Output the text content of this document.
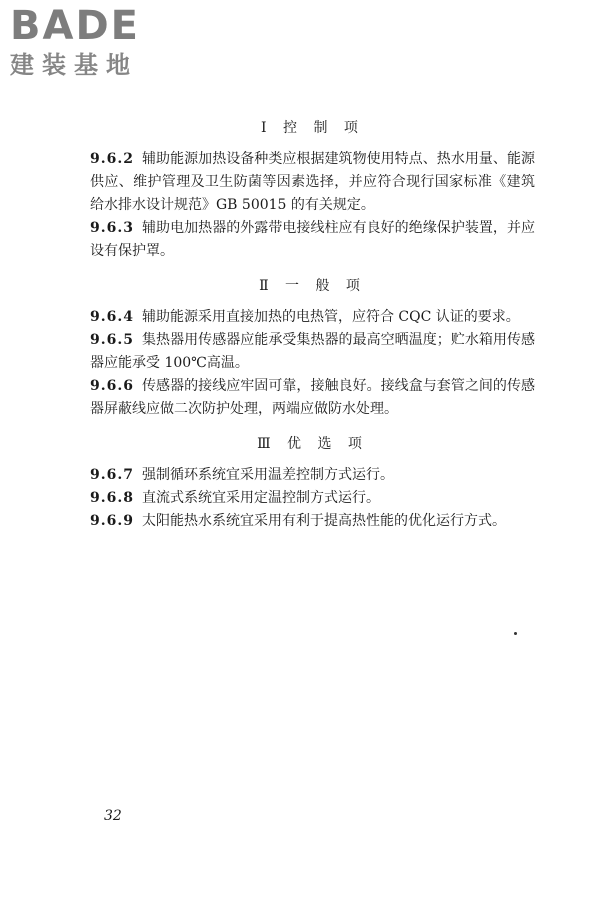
BADE
建装基地

Ⅰ 控 制 项

9.6.2 辅助能源加热设备种类应根据建筑物使用特点、热水用量、能源供应、维护管理及卫生防菌等因素选择，并应符合现行国家标准《建筑给水排水设计规范》GB 50015 的有关规定。

9.6.3 辅助电加热器的外露带电接线柱应有良好的绝缘保护装置，并应设有保护罩。

Ⅱ 一 般 项

9.6.4 辅助能源采用直接加热的电热管，应符合 CQC 认证的要求。

9.6.5 集热器用传感器应能承受集热器的最高空晒温度；贮水箱用传感器应能承受 100℃高温。

9.6.6 传感器的接线应牢固可靠，接触良好。接线盒与套管之间的传感器屏蔽线应做二次防护处理，两端应做防水处理。

Ⅲ 优 选 项

9.6.7 强制循环系统宜采用温差控制方式运行。

9.6.8 直流式系统宜采用定温控制方式运行。

9.6.9 太阳能热水系统宜采用有利于提高热性能的优化运行方式。

32
